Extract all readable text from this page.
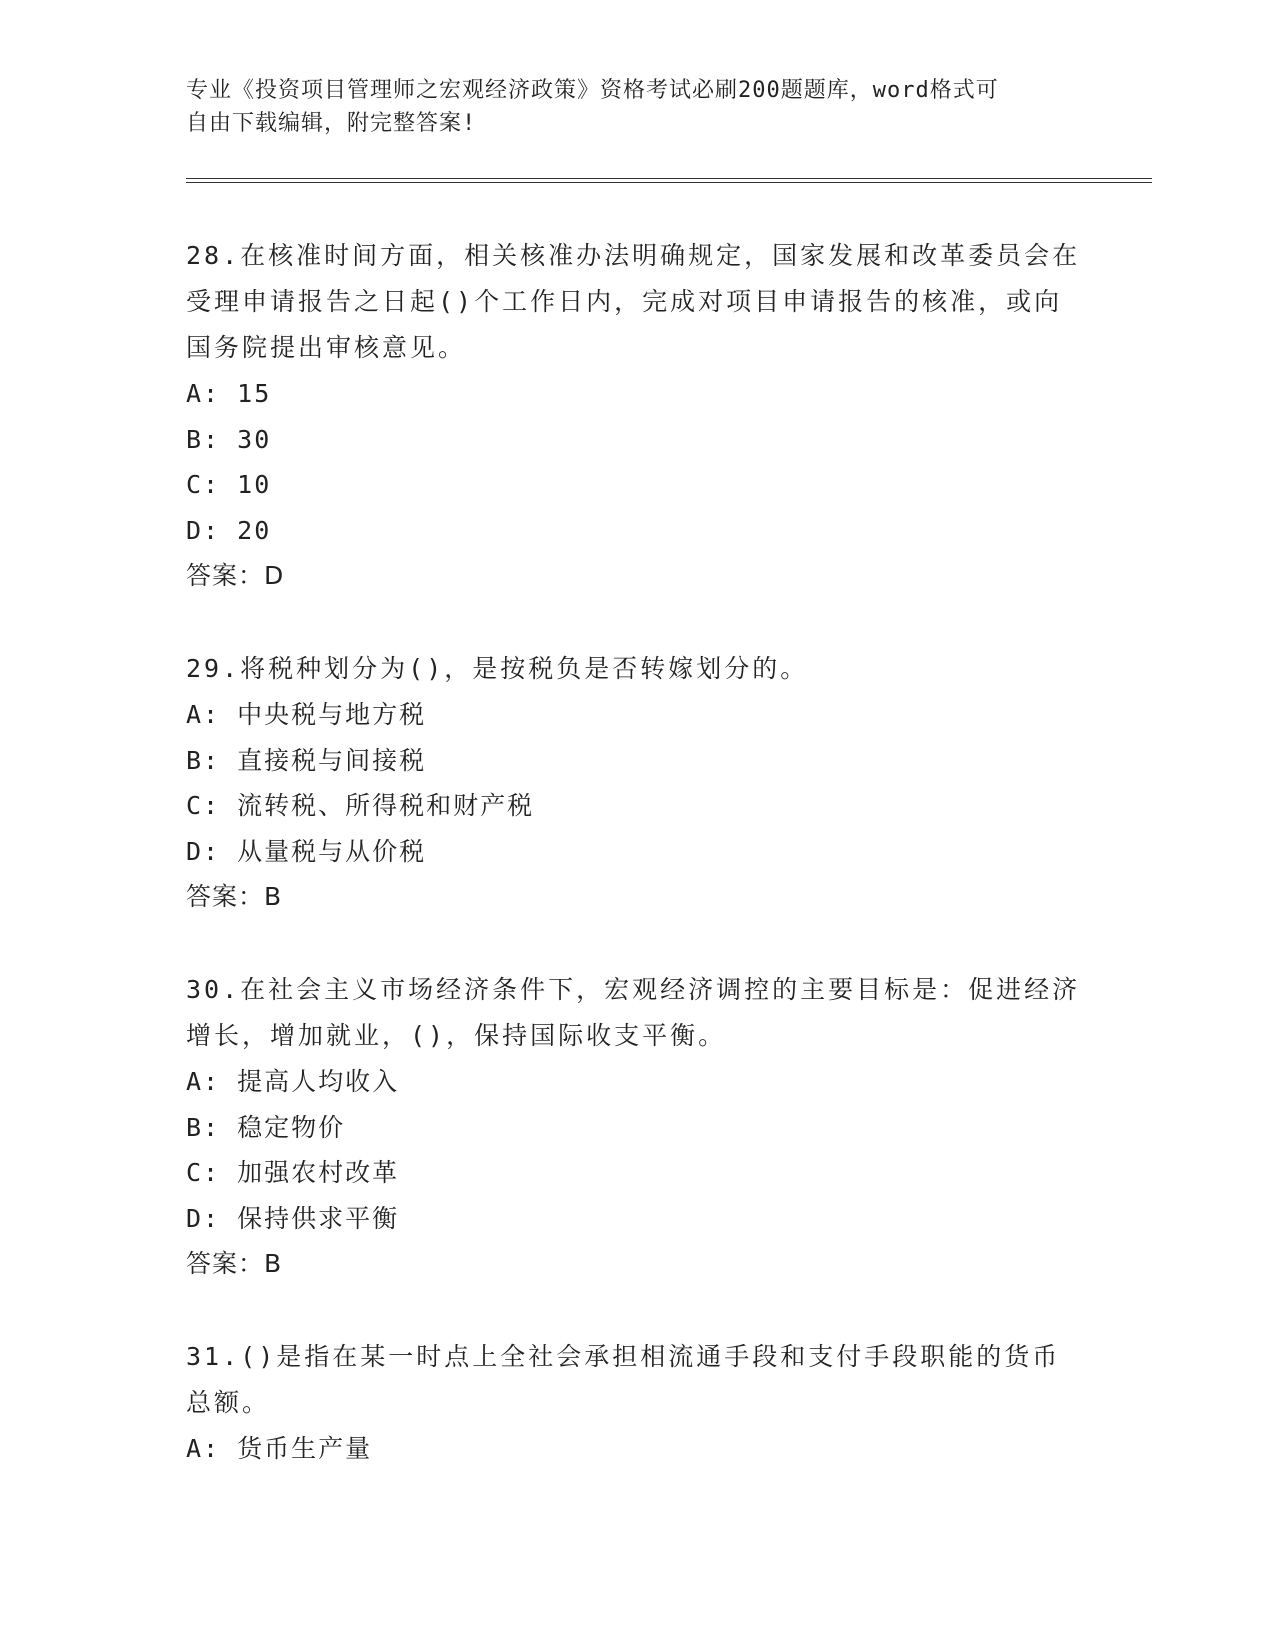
专业《投资项目管理师之宏观经济政策》资格考试必刷200题题库，word格式可
自由下载编辑，附完整答案!
28.在核准时间方面，相关核准办法明确规定，国家发展和改革委员会在受理申请报告之日起()个工作日内，完成对项目申请报告的核准，或向国务院提出审核意见。
A: 15
B: 30
C: 10
D: 20
答案：D
29.将税种划分为()，是按税负是否转嫁划分的。
A: 中央税与地方税
B: 直接税与间接税
C: 流转税、所得税和财产税
D: 从量税与从价税
答案：B
30.在社会主义市场经济条件下，宏观经济调控的主要目标是：促进经济增长，增加就业，()，保持国际收支平衡。
A: 提高人均收入
B: 稳定物价
C: 加强农村改革
D: 保持供求平衡
答案：B
31.()是指在某一时点上全社会承担相流通手段和支付手段职能的货币总额。
A: 货币生产量
